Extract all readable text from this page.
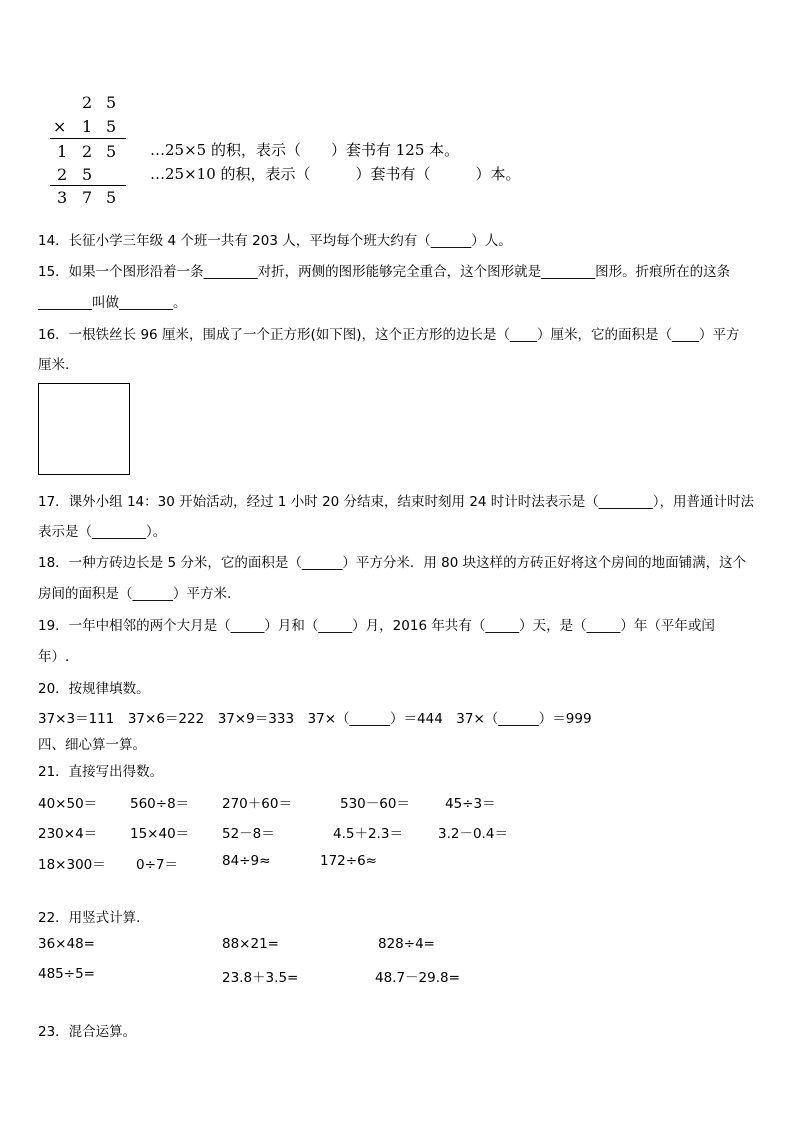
2 5
× 1 5
1 2 5
2 5
3 7 5
…25×5 的积，表示（　　）套书有 125 本。
…25×10 的积，表示（　　　）套书有（　　　）本。
14．长征小学三年级 4 个班一共有 203 人，平均每个班大约有（______）人。
15．如果一个图形沿着一条________对折，两侧的图形能够完全重合，这个图形就是________图形。折痕所在的这条
________叫做________。
16．一根铁丝长 96 厘米，围成了一个正方形(如下图)，这个正方形的边长是（____）厘米，它的面积是（____）平方
厘米.
17．课外小组 14：30 开始活动，经过 1 小时 20 分结束，结束时刻用 24 时计时法表示是（________），用普通计时法
表示是（________）。
18．一种方砖边长是 5 分米，它的面积是（______）平方分米．用 80 块这样的方砖正好将这个房间的地面铺满，这个
房间的面积是（______）平方米.
19．一年中相邻的两个大月是（_____）月和（_____）月，2016 年共有（_____）天，是（_____）年（平年或闰
年）.
20．按规律填数。
37×3＝111　37×6＝222　37×9＝333　37×（______）＝444　37×（______）＝999
四、细心算一算。
21．直接写出得数。
40×50＝ 560÷8＝ 270＋60＝	530－60＝	45÷3＝
230×4＝ 15×40＝ 52－8＝	4.5＋2.3＝	3.2－0.4＝
18×300＝ 0÷7＝	84÷9≈	172÷6≈
22．用竖式计算.
36×48=	88×21=	828÷4=
485÷5=	23.8＋3.5=	48.7－29.8=
23．混合运算。
